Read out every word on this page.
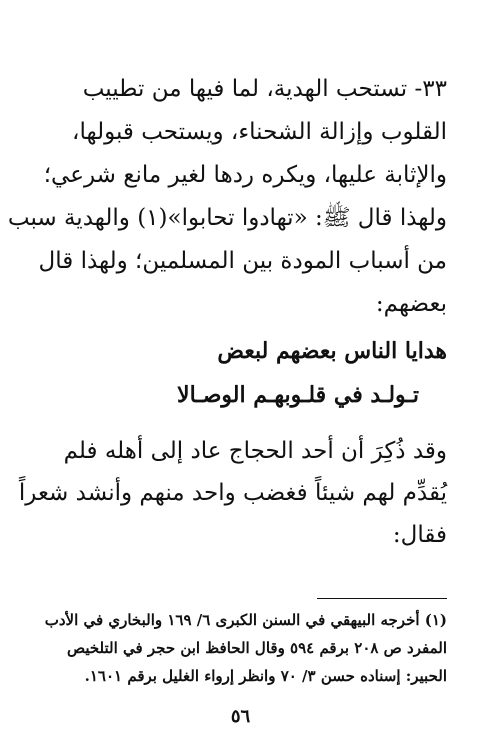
٣٣- تستحب الهدية، لما فيها من تطييب
القلوب وإزالة الشحناء، ويستحب قبولها،
والإثابة عليها، ويكره ردها لغير مانع شرعي؛
ولهذا قال ﷺ: «تهادوا تحابوا»(١) والهدية سبب
من أسباب المودة بين المسلمين؛ ولهذا قال
بعضهم:
هدايا الناس بعضهم لبعض
تـولـد في قلـوبهـم الوصـالا
وقد ذُكِرَ أن أحد الحجاج عاد إلى أهله فلم
يُقدِّم لهم شيئاً فغضب واحد منهم وأنشد شعراً
فقال:
(١) أخرجه البيهقي في السنن الكبرى ٦/ ١٦٩ والبخاري في الأدب
المفرد ص ٢٠٨ برقم ٥٩٤ وقال الحافظ ابن حجر في التلخيص
الحبير: إسناده حسن ٣/ ٧٠ وانظر إرواء الغليل برقم ١٦٠١.
٥٦
